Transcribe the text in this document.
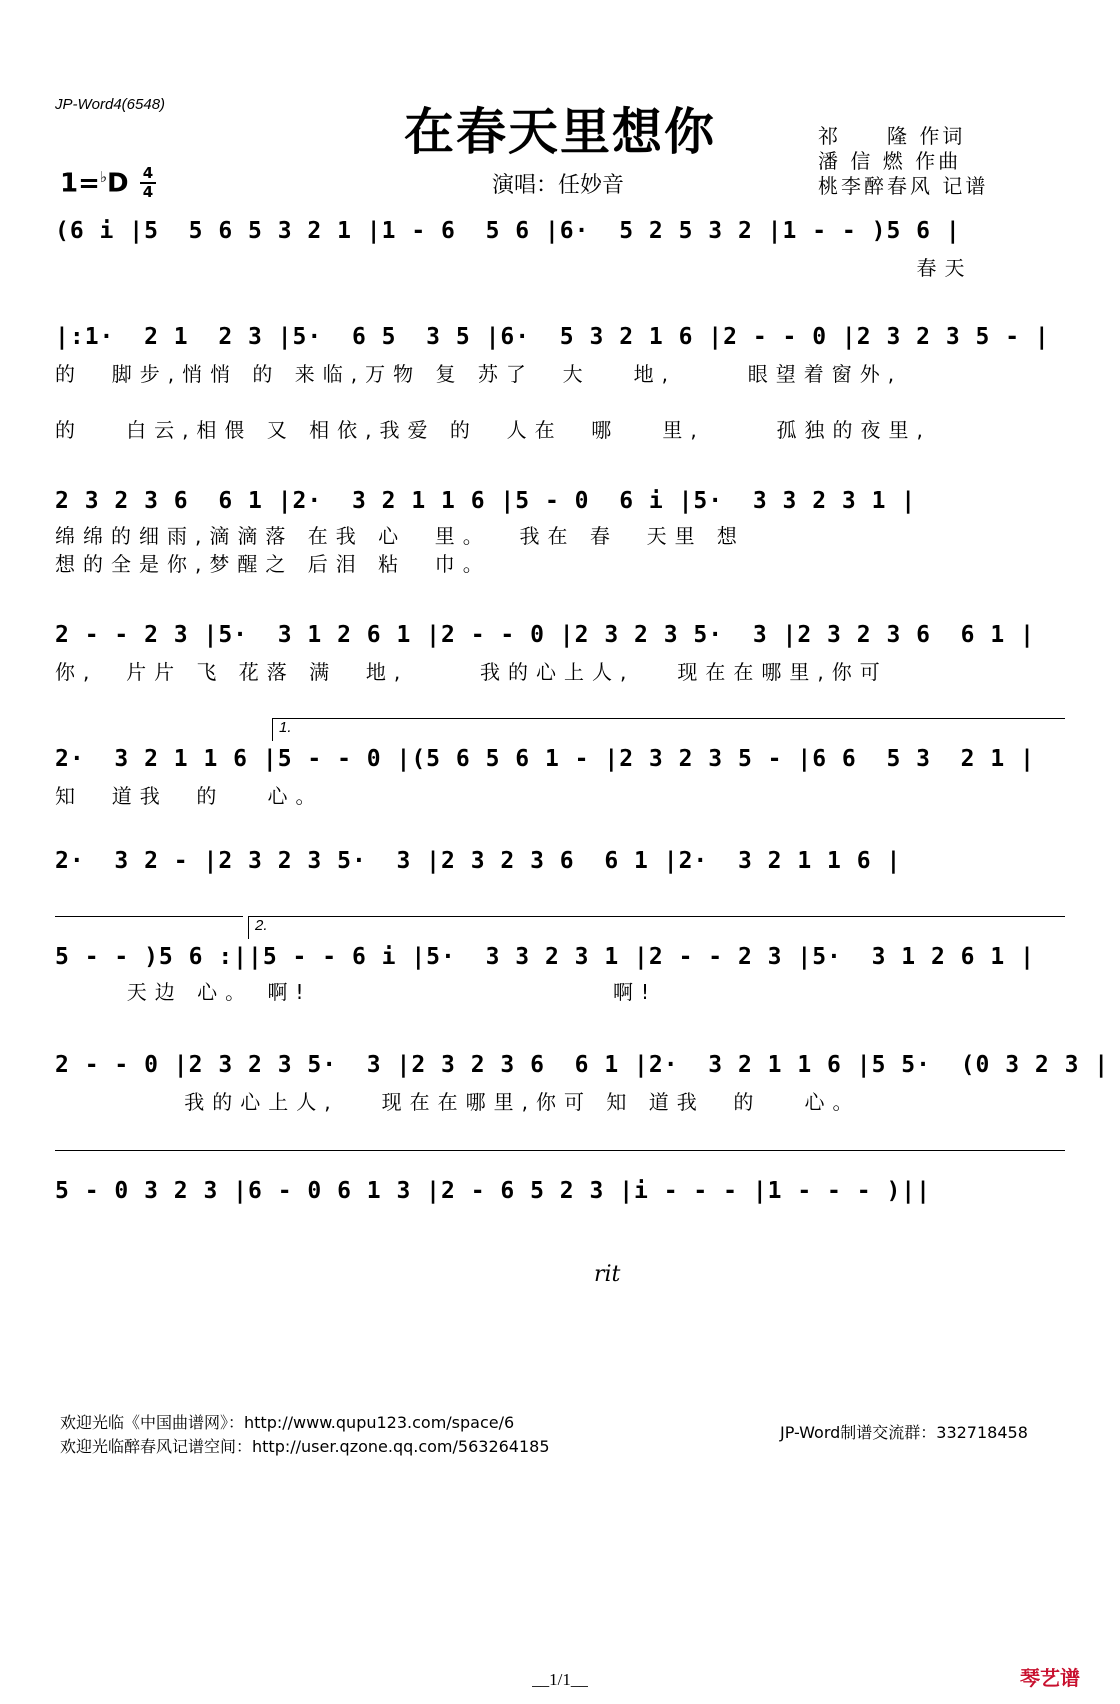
JP-Word4(6548)	在春天里想你	祁　　隆 作词
潘 信 燃 作曲
桃李醉春风 记谱
1=♭D 4
4	演唱：任妙音
(6 i |5  5 6 5 3 2 1 |1 - 6  5 6 |6·  5 2 5 3 2 |1 - - )5 6 |
春天
|:1·  2 1  2 3 |5·  6 5  3 5 |6·  5 3 2 1 6 |2 - - 0 |2 3 2 3 5 - |
的  脚步,悄悄 的 来临,万物 复 苏了  大   地,     眼望着窗外,
的   白云,相偎 又 相依,我爱 的  人在  哪   里,     孤独的夜里,
2 3 2 3 6  6 1 |2·  3 2 1 1 6 |5 - 0  6 i |5·  3 3 2 3 1 |
绵绵的细雨,滴滴落 在我 心  里。  我在 春  天里 想
想的全是你,梦醒之 后泪 粘  巾。
2 - - 2 3 |5·  3 1 2 6 1 |2 - - 0 |2 3 2 3 5·  3 |2 3 2 3 6  6 1 |
你,  片片 飞 花落 满  地,     我的心上人,   现在在哪里,你可
1.
2·  3 2 1 1 6 |5 - - 0 |(5 6 5 6 1 - |2 3 2 3 5 - |6 6  5 3  2 1 |
知  道我  的   心。
2·  3 2 - |2 3 2 3 5·  3 |2 3 2 3 6  6 1 |2·  3 2 1 1 6 |
2.
5 - - )5 6 :||5 - - 6 i |5·  3 3 2 3 1 |2 - - 2 3 |5·  3 1 2 6 1 |
天边 心。 啊!                     啊!
2 - - 0 |2 3 2 3 5·  3 |2 3 2 3 6  6 1 |2·  3 2 1 1 6 |5 5·  (0 3 2 3 |
我的心上人,   现在在哪里,你可 知 道我  的   心。
rit
5 - 0 3 2 3 |6 - 0 6 1 3 |2 - 6 5 2 3 |i - - - |1 - - - )||
欢迎光临《中国曲谱网》：http://www.qupu123.com/space/6
欢迎光临醉春风记谱空间：http://user.qzone.qq.com/563264185
JP-Word制谱交流群：332718458
__1/1__	琴艺谱
